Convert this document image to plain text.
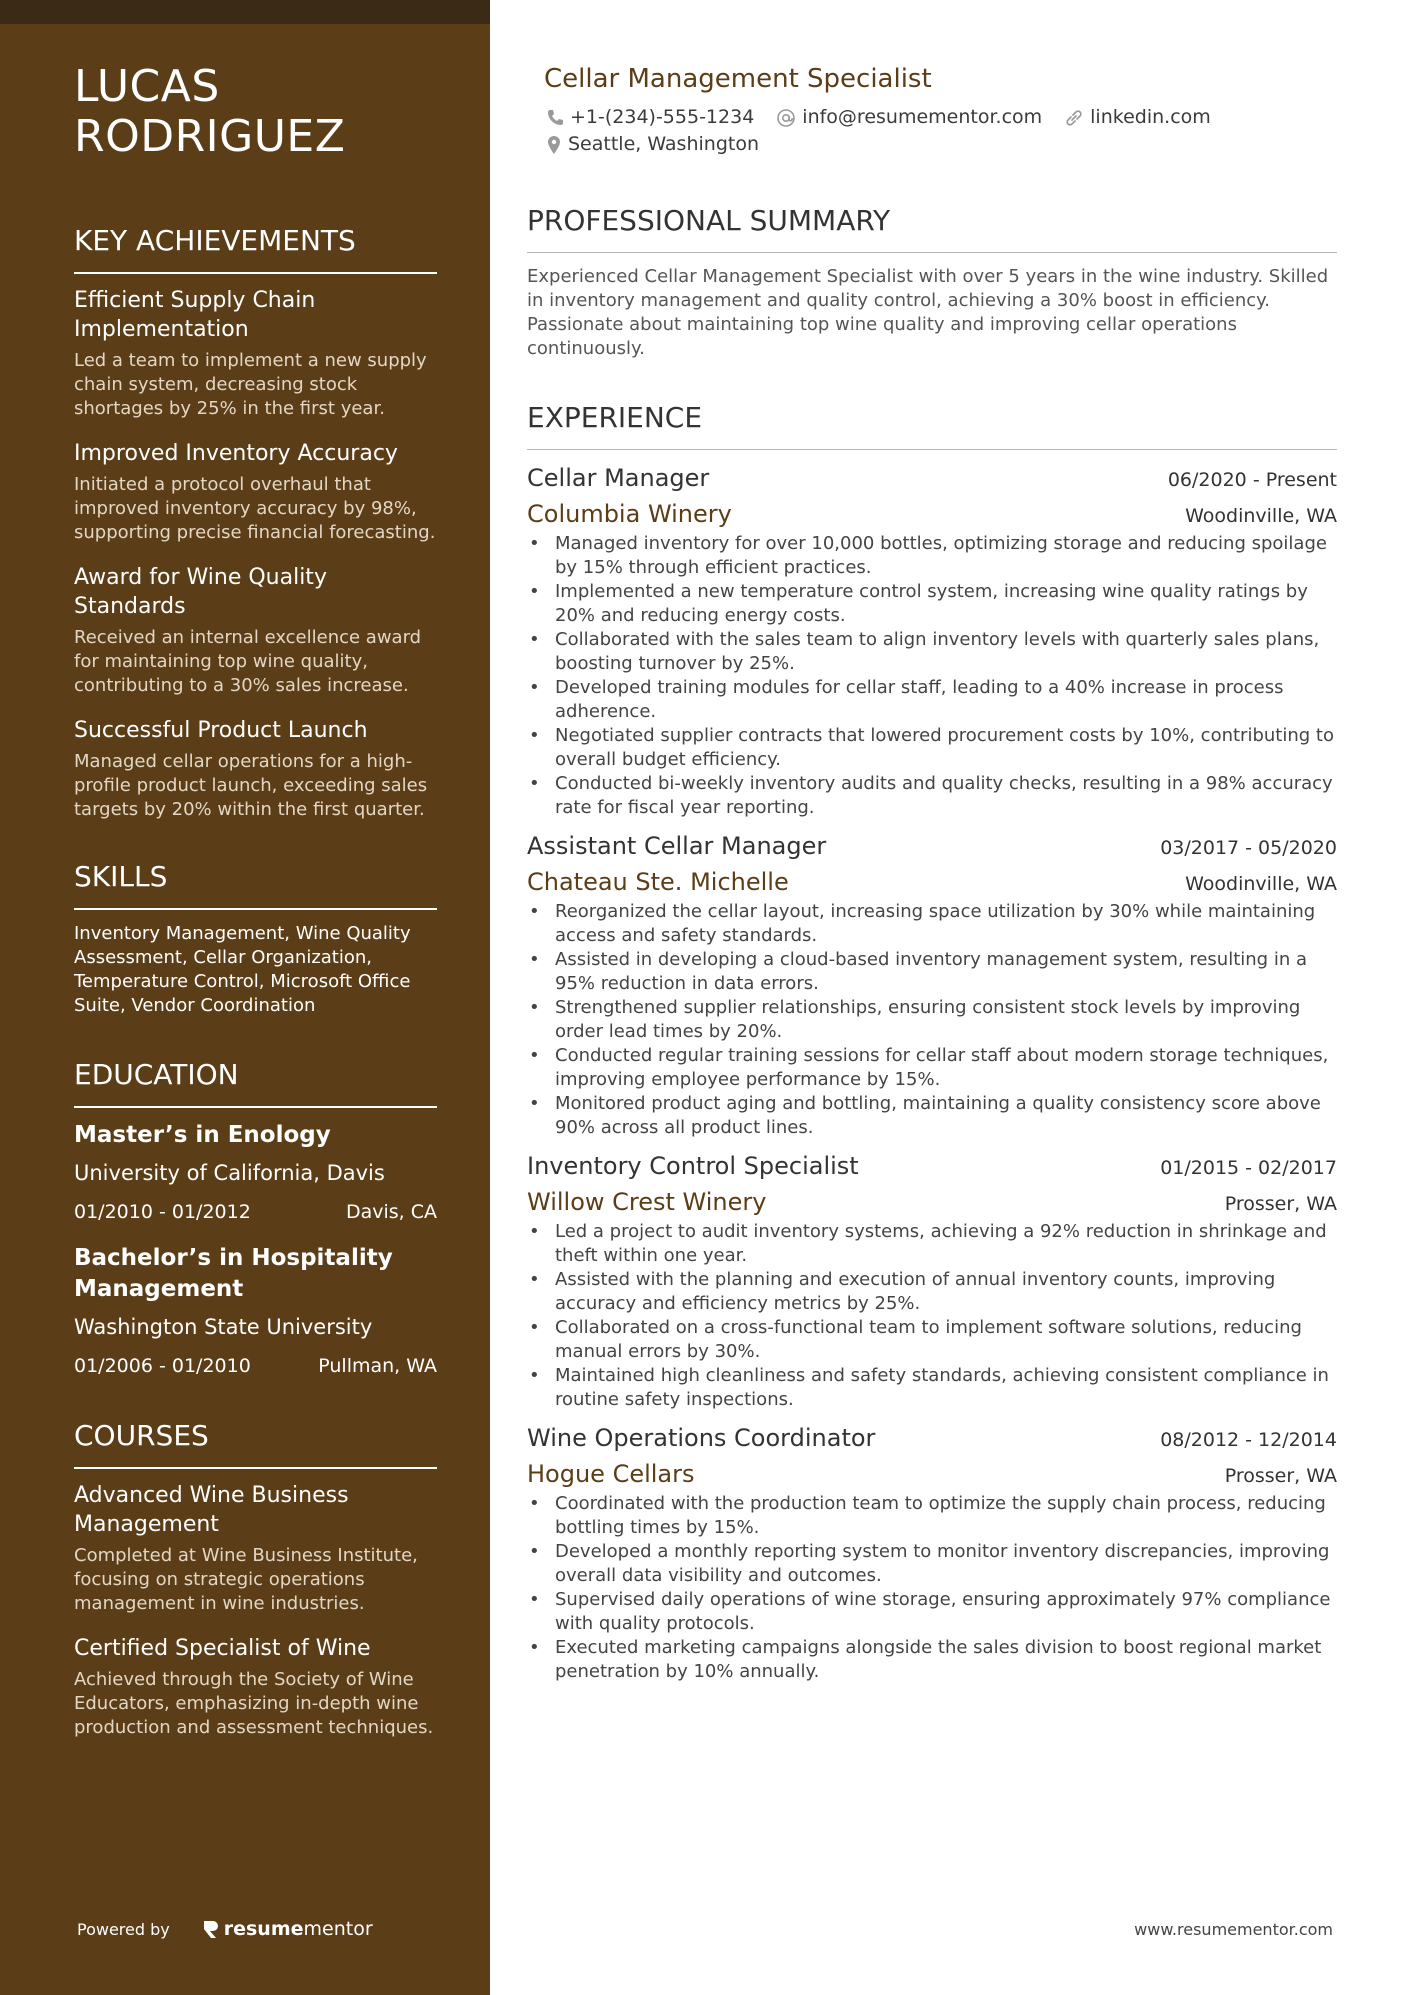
LUCAS
RODRIGUEZ
KEY ACHIEVEMENTS
Efficient Supply Chain Implementation
Led a team to implement a new supply chain system, decreasing stock shortages by 25% in the first year.
Improved Inventory Accuracy
Initiated a protocol overhaul that improved inventory accuracy by 98%, supporting precise financial forecasting.
Award for Wine Quality Standards
Received an internal excellence award for maintaining top wine quality, contributing to a 30% sales increase.
Successful Product Launch
Managed cellar operations for a high-profile product launch, exceeding sales targets by 20% within the first quarter.
SKILLS
Inventory Management, Wine Quality Assessment, Cellar Organization, Temperature Control, Microsoft Office Suite, Vendor Coordination
EDUCATION
Master’s in Enology
University of California, Davis
01/2010 - 01/2012	Davis, CA
Bachelor’s in Hospitality Management
Washington State University
01/2006 - 01/2010	Pullman, WA
COURSES
Advanced Wine Business Management
Completed at Wine Business Institute, focusing on strategic operations management in wine industries.
Certified Specialist of Wine
Achieved through the Society of Wine Educators, emphasizing in-depth wine production and assessment techniques.
Powered by	resume mentor
Cellar Management Specialist
+1-(234)-555-1234	info@resumementor.com	linkedin.com
Seattle, Washington
PROFESSIONAL SUMMARY
Experienced Cellar Management Specialist with over 5 years in the wine industry. Skilled in inventory management and quality control, achieving a 30% boost in efficiency. Passionate about maintaining top wine quality and improving cellar operations continuously.
EXPERIENCE
Cellar Manager	06/2020 - Present
Columbia Winery	Woodinville, WA
• Managed inventory for over 10,000 bottles, optimizing storage and reducing spoilage by 15% through efficient practices.
• Implemented a new temperature control system, increasing wine quality ratings by 20% and reducing energy costs.
• Collaborated with the sales team to align inventory levels with quarterly sales plans, boosting turnover by 25%.
• Developed training modules for cellar staff, leading to a 40% increase in process adherence.
• Negotiated supplier contracts that lowered procurement costs by 10%, contributing to overall budget efficiency.
• Conducted bi-weekly inventory audits and quality checks, resulting in a 98% accuracy rate for fiscal year reporting.
Assistant Cellar Manager	03/2017 - 05/2020
Chateau Ste. Michelle	Woodinville, WA
• Reorganized the cellar layout, increasing space utilization by 30% while maintaining access and safety standards.
• Assisted in developing a cloud-based inventory management system, resulting in a 95% reduction in data errors.
• Strengthened supplier relationships, ensuring consistent stock levels by improving order lead times by 20%.
• Conducted regular training sessions for cellar staff about modern storage techniques, improving employee performance by 15%.
• Monitored product aging and bottling, maintaining a quality consistency score above 90% across all product lines.
Inventory Control Specialist	01/2015 - 02/2017
Willow Crest Winery	Prosser, WA
• Led a project to audit inventory systems, achieving a 92% reduction in shrinkage and theft within one year.
• Assisted with the planning and execution of annual inventory counts, improving accuracy and efficiency metrics by 25%.
• Collaborated on a cross-functional team to implement software solutions, reducing manual errors by 30%.
• Maintained high cleanliness and safety standards, achieving consistent compliance in routine safety inspections.
Wine Operations Coordinator	08/2012 - 12/2014
Hogue Cellars	Prosser, WA
• Coordinated with the production team to optimize the supply chain process, reducing bottling times by 15%.
• Developed a monthly reporting system to monitor inventory discrepancies, improving overall data visibility and outcomes.
• Supervised daily operations of wine storage, ensuring approximately 97% compliance with quality protocols.
• Executed marketing campaigns alongside the sales division to boost regional market penetration by 10% annually.
www.resumementor.com
